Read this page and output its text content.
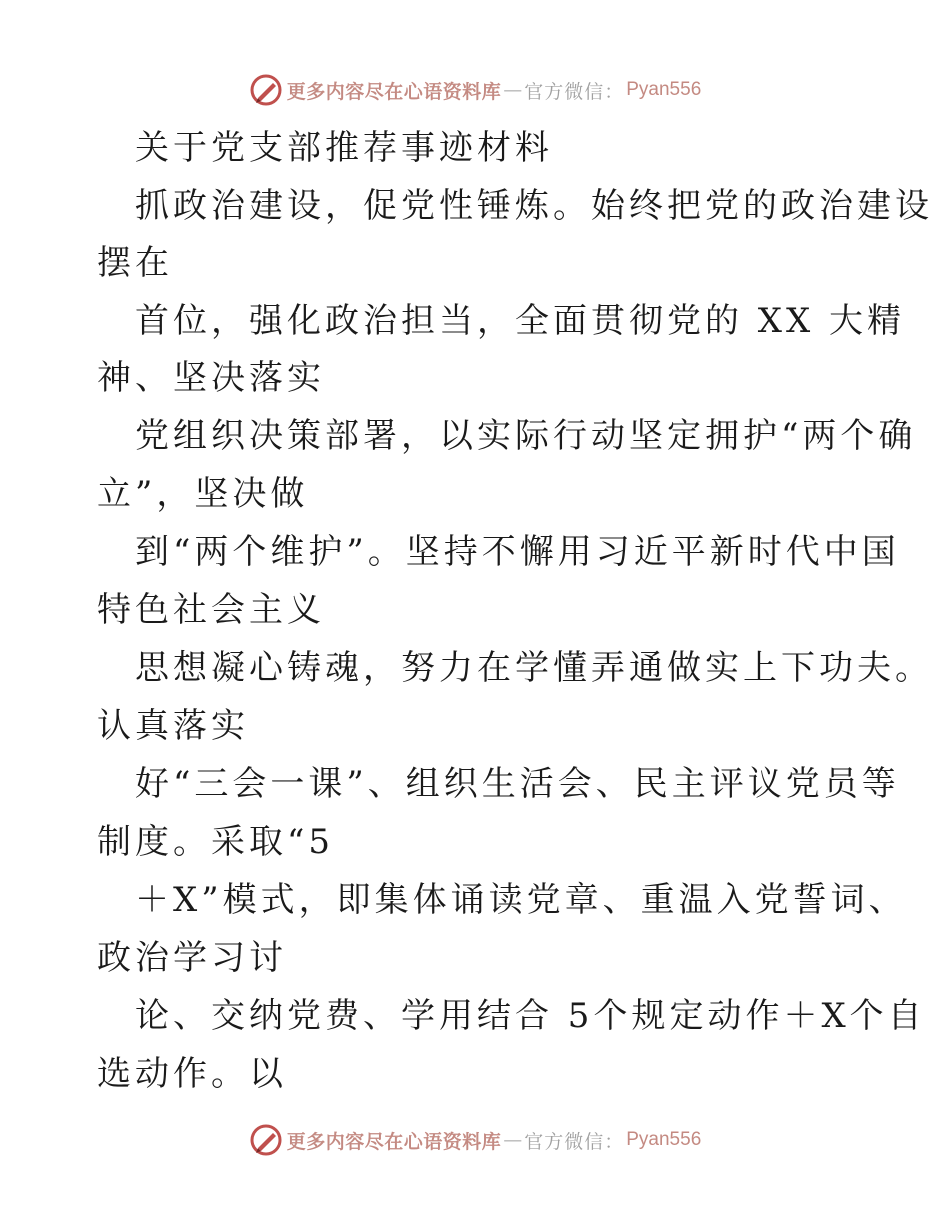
更多内容尽在心语资料库 — 官方微信： Pyan556
关于党支部推荐事迹材料
抓政治建设，促党性锤炼。始终把党的政治建设
摆在
首位，强化政治担当，全面贯彻党的 XX 大精
神、坚决落实
党组织决策部署，以实际行动坚定拥护“两个确
立”，坚决做
到“两个维护”。坚持不懈用习近平新时代中国
特色社会主义
思想凝心铸魂，努力在学懂弄通做实上下功夫。
认真落实
好“三会一课”、组织生活会、民主评议党员等
制度。采取“5
＋X”模式，即集体诵读党章、重温入党誓词、
政治学习讨
论、交纳党费、学用结合 5个规定动作＋X个自
选动作。以
更多内容尽在心语资料库 — 官方微信： Pyan556
